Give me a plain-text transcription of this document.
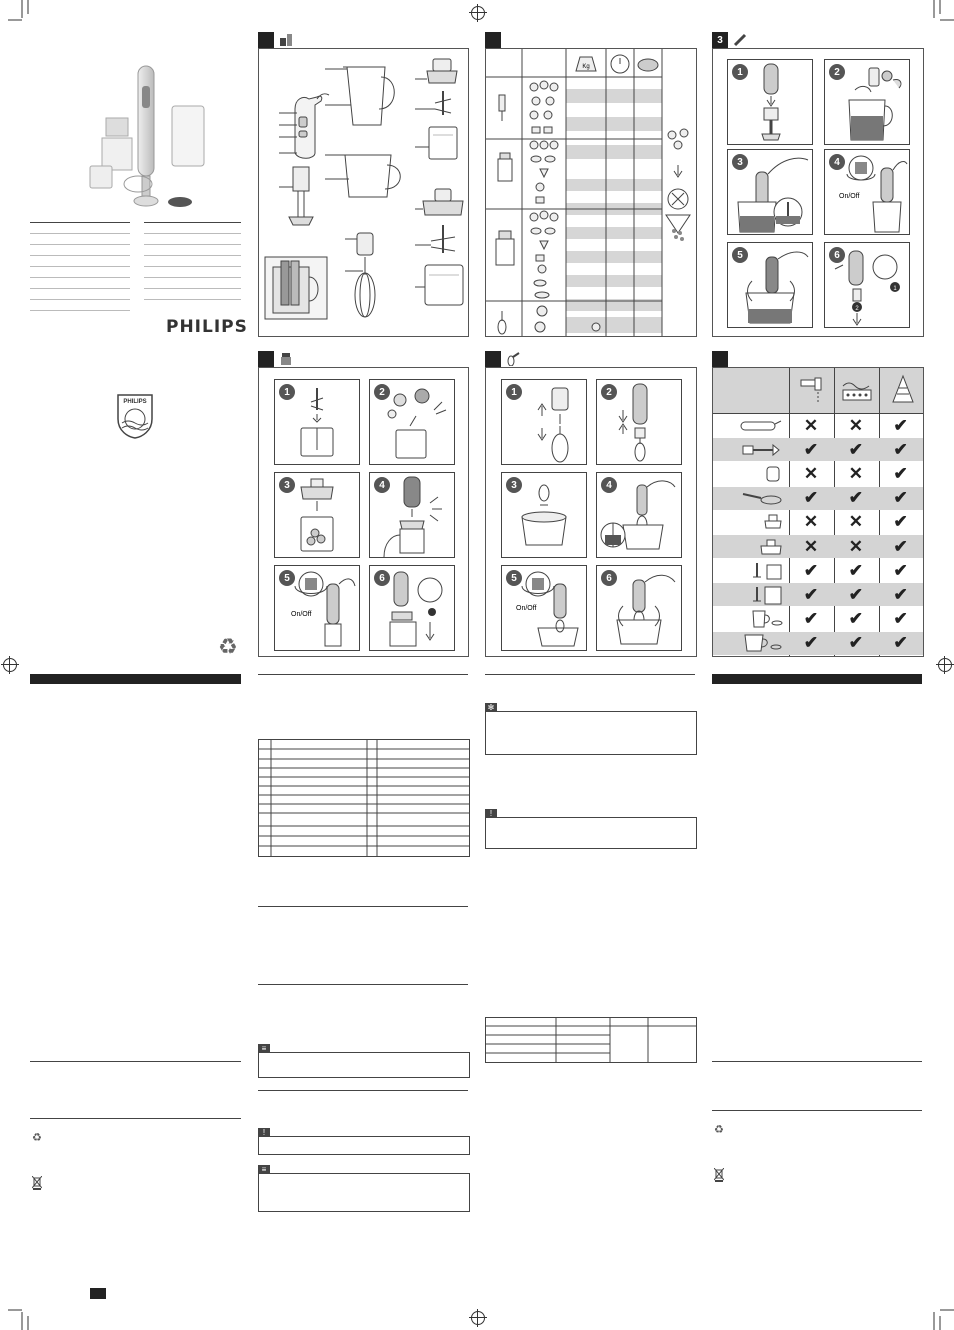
PHILIPS
PHILIPS
♻
♻
1	2
3	4
5
On/Off
6
≡
!
≡
Kg
1	2
3	4
5
On/Off
6
✻
!
3
1	2
3	4
On/Off
5	6
1
2
✕	✕	✔
✔	✔	✔
✕	✕	✔
✔	✔	✔
✕	✕	✔
✕	✕	✔
✔	✔	✔
✔	✔	✔
✔	✔	✔
✔	✔	✔
♻
